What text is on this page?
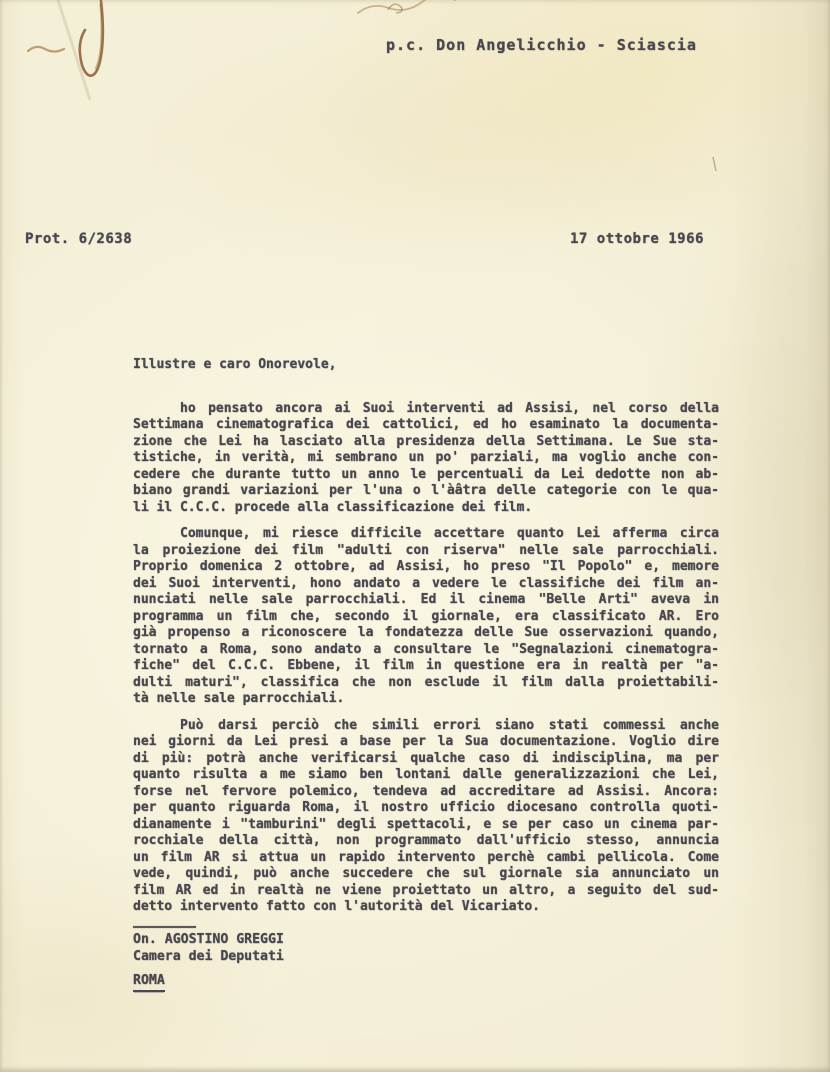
p.c. Don Angelicchio - Sciascia
Prot. 6/2638	17 ottobre 1966
Illustre e caro Onorevole,
ho pensato ancora ai Suoi interventi ad Assisi, nel corso della
Settimana cinematografica dei cattolici, ed ho esaminato la documenta-
zione che Lei ha lasciato alla presidenza della Settimana. Le Sue sta-
tistiche, in verità, mi sembrano un po' parziali, ma voglio anche con-
cedere che durante tutto un anno le percentuali da Lei dedotte non ab-
biano grandi variazioni per l'una o l'àâtra delle categorie con le qua-
li il C.C.C. procede alla classificazione dei film.
Comunque, mi riesce difficile accettare quanto Lei afferma circa
la proiezione dei film "adulti con riserva" nelle sale parrocchiali.
Proprio domenica 2 ottobre, ad Assisi, ho preso "Il Popolo" e, memore
dei Suoi interventi, hono andato a vedere le classifiche dei film an-
nunciati nelle sale parrocchiali. Ed il cinema "Belle Arti" aveva in
programma un film che, secondo il giornale, era classificato AR. Ero
già propenso a riconoscere la fondatezza delle Sue osservazioni quando,
tornato a Roma, sono andato a consultare le "Segnalazioni cinematogra-
fiche" del C.C.C. Ebbene, il film in questione era in realtà per "a-
dulti maturi", classifica che non esclude il film dalla proiettabili-
tà nelle sale parrocchiali.
Può darsi perciò che simili errori siano stati commessi anche
nei giorni da Lei presi a base per la Sua documentazione. Voglio dire
di più: potrà anche verificarsi qualche caso di indisciplina, ma per
quanto risulta a me siamo ben lontani dalle generalizzazioni che Lei,
forse nel fervore polemico, tendeva ad accreditare ad Assisi. Ancora:
per quanto riguarda Roma, il nostro ufficio diocesano controlla quoti-
dianamente i "tamburini" degli spettacoli, e se per caso un cinema par-
rocchiale della città, non programmato dall'ufficio stesso, annuncia
un film AR si attua un rapido intervento perchè cambi pellicola. Come
vede, quindi, può anche succedere che sul giornale sia annunciato un
film AR ed in realtà ne viene proiettato un altro, a seguito del sud-
detto intervento fatto con l'autorità del Vicariato.
On. AGOSTINO GREGGI
Camera dei Deputati
ROMA
